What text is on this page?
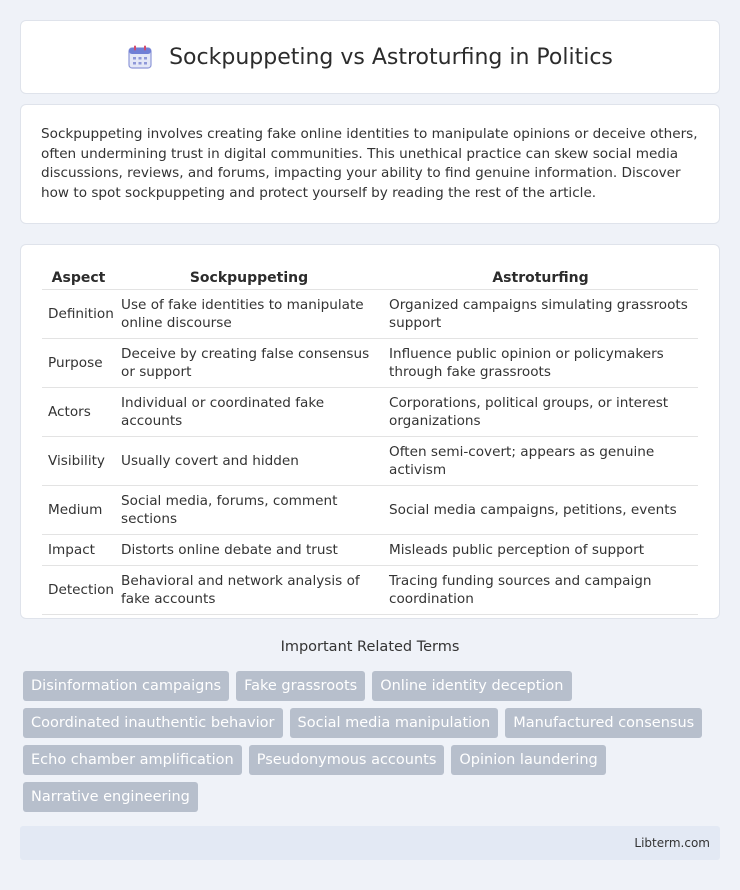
Sockpuppeting vs Astroturfing in Politics

Sockpuppeting involves creating fake online identities to manipulate opinions or deceive others, often undermining trust in digital communities. This unethical practice can skew social media discussions, reviews, and forums, impacting your ability to find genuine information. Discover how to spot sockpuppeting and protect yourself by reading the rest of the article.

Aspect	Sockpuppeting	Astroturfing
Definition	Use of fake identities to manipulate online discourse	Organized campaigns simulating grassroots support
Purpose	Deceive by creating false consensus or support	Influence public opinion or policymakers through fake grassroots
Actors	Individual or coordinated fake accounts	Corporations, political groups, or interest organizations
Visibility	Usually covert and hidden	Often semi-covert; appears as genuine activism
Medium	Social media, forums, comment sections	Social media campaigns, petitions, events
Impact	Distorts online debate and trust	Misleads public perception of support
Detection	Behavioral and network analysis of fake accounts	Tracing funding sources and campaign coordination
Important Related Terms
Disinformation campaigns	Fake grassroots	Online identity deception
Coordinated inauthentic behavior	Social media manipulation	Manufactured consensus
Echo chamber amplification	Pseudonymous accounts	Opinion laundering
Narrative engineering
Libterm.com
